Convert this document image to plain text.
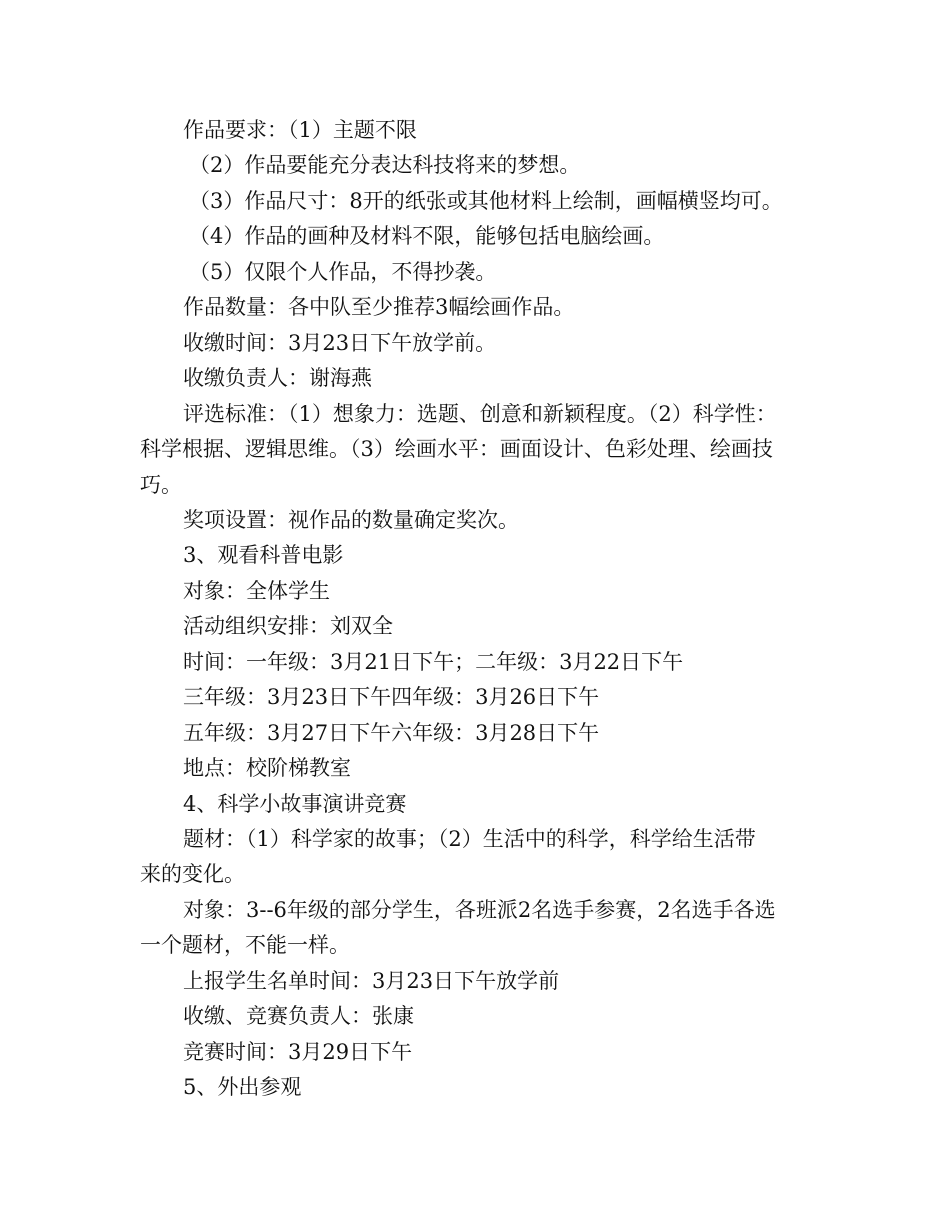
作品要求：（1）主题不限
（2）作品要能充分表达科技将来的梦想。
（3）作品尺寸：8开的纸张或其他材料上绘制，画幅横竖均可。
（4）作品的画种及材料不限，能够包括电脑绘画。
（5）仅限个人作品，不得抄袭。
作品数量：各中队至少推荐3幅绘画作品。
收缴时间：3月23日下午放学前。
收缴负责人：谢海燕
评选标准：（1）想象力：选题、创意和新颖程度。（2）科学性：
科学根据、逻辑思维。（3）绘画水平：画面设计、色彩处理、绘画技
巧。
奖项设置：视作品的数量确定奖次。
3、观看科普电影
对象：全体学生
活动组织安排：刘双全
时间：一年级：3月21日下午；二年级：3月22日下午
三年级：3月23日下午四年级：3月26日下午
五年级：3月27日下午六年级：3月28日下午
地点：校阶梯教室
4、科学小故事演讲竞赛
题材：（1）科学家的故事；（2）生活中的科学，科学给生活带
来的变化。
对象：3--6年级的部分学生，各班派2名选手参赛，2名选手各选
一个题材，不能一样。
上报学生名单时间：3月23日下午放学前
收缴、竞赛负责人：张康
竞赛时间：3月29日下午
5、外出参观
